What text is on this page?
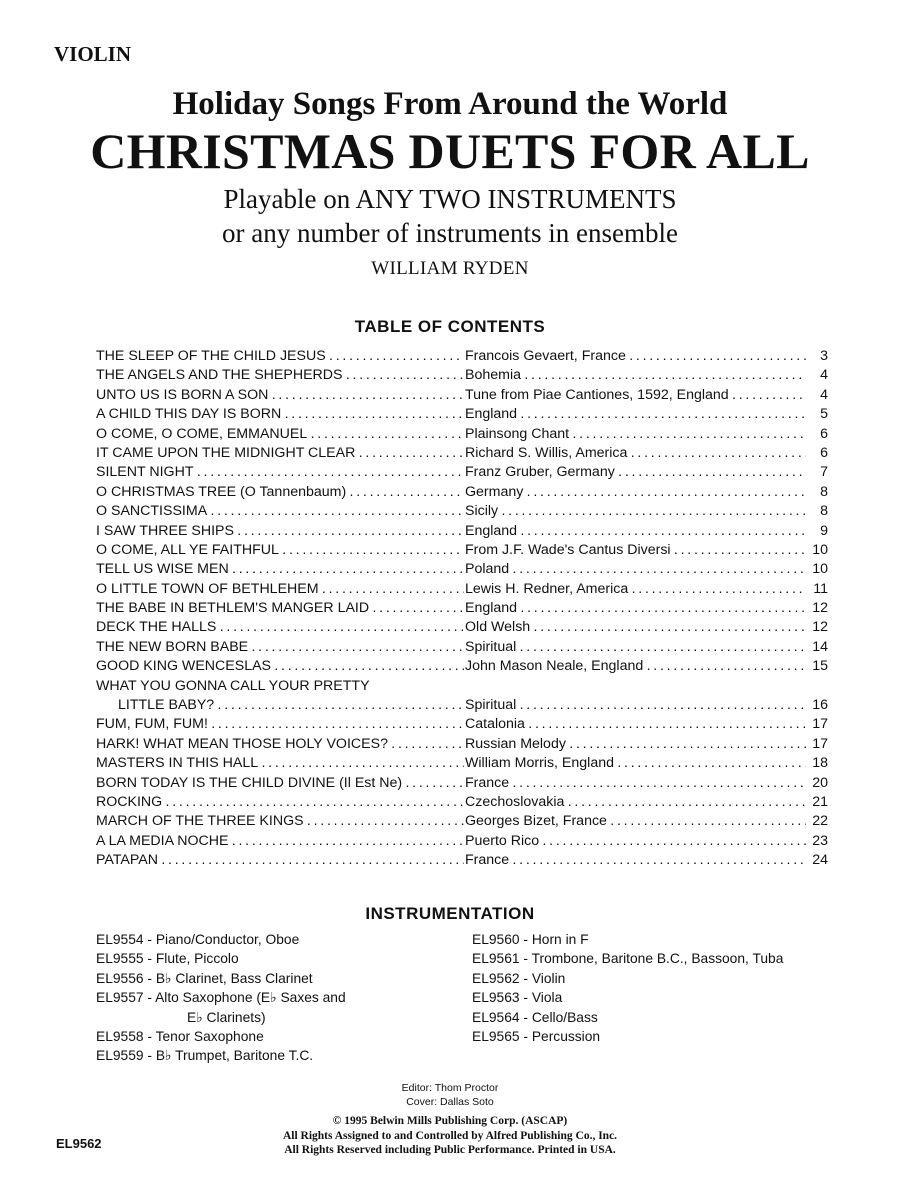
VIOLIN
Holiday Songs From Around the World
CHRISTMAS DUETS FOR ALL
Playable on ANY TWO INSTRUMENTS
or any number of instruments in ensemble
WILLIAM RYDEN
TABLE OF CONTENTS
THE SLEEP OF THE CHILD JESUS . . .	Francois Gevaert, France . . .	3
THE ANGELS AND THE SHEPHERDS . . .	Bohemia . . .	4
UNTO US IS BORN A SON . . .	Tune from Piae Cantiones, 1592, England . . .	4
A CHILD THIS DAY IS BORN . . .	England . . .	5
O COME, O COME, EMMANUEL . . .	Plainsong Chant . . .	6
IT CAME UPON THE MIDNIGHT CLEAR . . .	Richard S. Willis, America . . .	6
SILENT NIGHT . . .	Franz Gruber, Germany . . .	7
O CHRISTMAS TREE (O Tannenbaum) . . .	Germany . . .	8
O SANCTISSIMA . . .	Sicily . . .	8
I SAW THREE SHIPS . . .	England . . .	9
O COME, ALL YE FAITHFUL . . .	From J.F. Wade's Cantus Diversi . . .	10
TELL US WISE MEN . . .	Poland . . .	10
O LITTLE TOWN OF BETHLEHEM . . .	Lewis H. Redner, America . . .	11
THE BABE IN BETHLEM'S MANGER LAID . . .	England . . .	12
DECK THE HALLS . . .	Old Welsh . . .	12
THE NEW BORN BABE . . .	Spiritual . . .	14
GOOD KING WENCESLAS . . .	John Mason Neale, England . . .	15
WHAT YOU GONNA CALL YOUR PRETTY
LITTLE BABY? . . .	Spiritual . . .	16
FUM, FUM, FUM! . . .	Catalonia . . .	17
HARK! WHAT MEAN THOSE HOLY VOICES? . . .	Russian Melody . . .	17
MASTERS IN THIS HALL . . .	William Morris, England . . .	18
BORN TODAY IS THE CHILD DIVINE (Il Est Ne) . . .	France . . .	20
ROCKING . . .	Czechoslovakia . . .	21
MARCH OF THE THREE KINGS . . .	Georges Bizet, France . . .	22
A LA MEDIA NOCHE . . .	Puerto Rico . . .	23
PATAPAN . . .	France . . .	24
INSTRUMENTATION
EL9554 - Piano/Conductor, Oboe
EL9555 - Flute, Piccolo
EL9556 - B♭ Clarinet, Bass Clarinet
EL9557 - Alto Saxophone (E♭ Saxes and
E♭ Clarinets)
EL9558 - Tenor Saxophone
EL9559 - B♭ Trumpet, Baritone T.C.
EL9560 - Horn in F
EL9561 - Trombone, Baritone B.C., Bassoon, Tuba
EL9562 - Violin
EL9563 - Viola
EL9564 - Cello/Bass
EL9565 - Percussion
Editor: Thom Proctor
Cover: Dallas Soto
© 1995 Belwin Mills Publishing Corp. (ASCAP)
All Rights Assigned to and Controlled by Alfred Publishing Co., Inc.
All Rights Reserved including Public Performance. Printed in USA.
EL9562
